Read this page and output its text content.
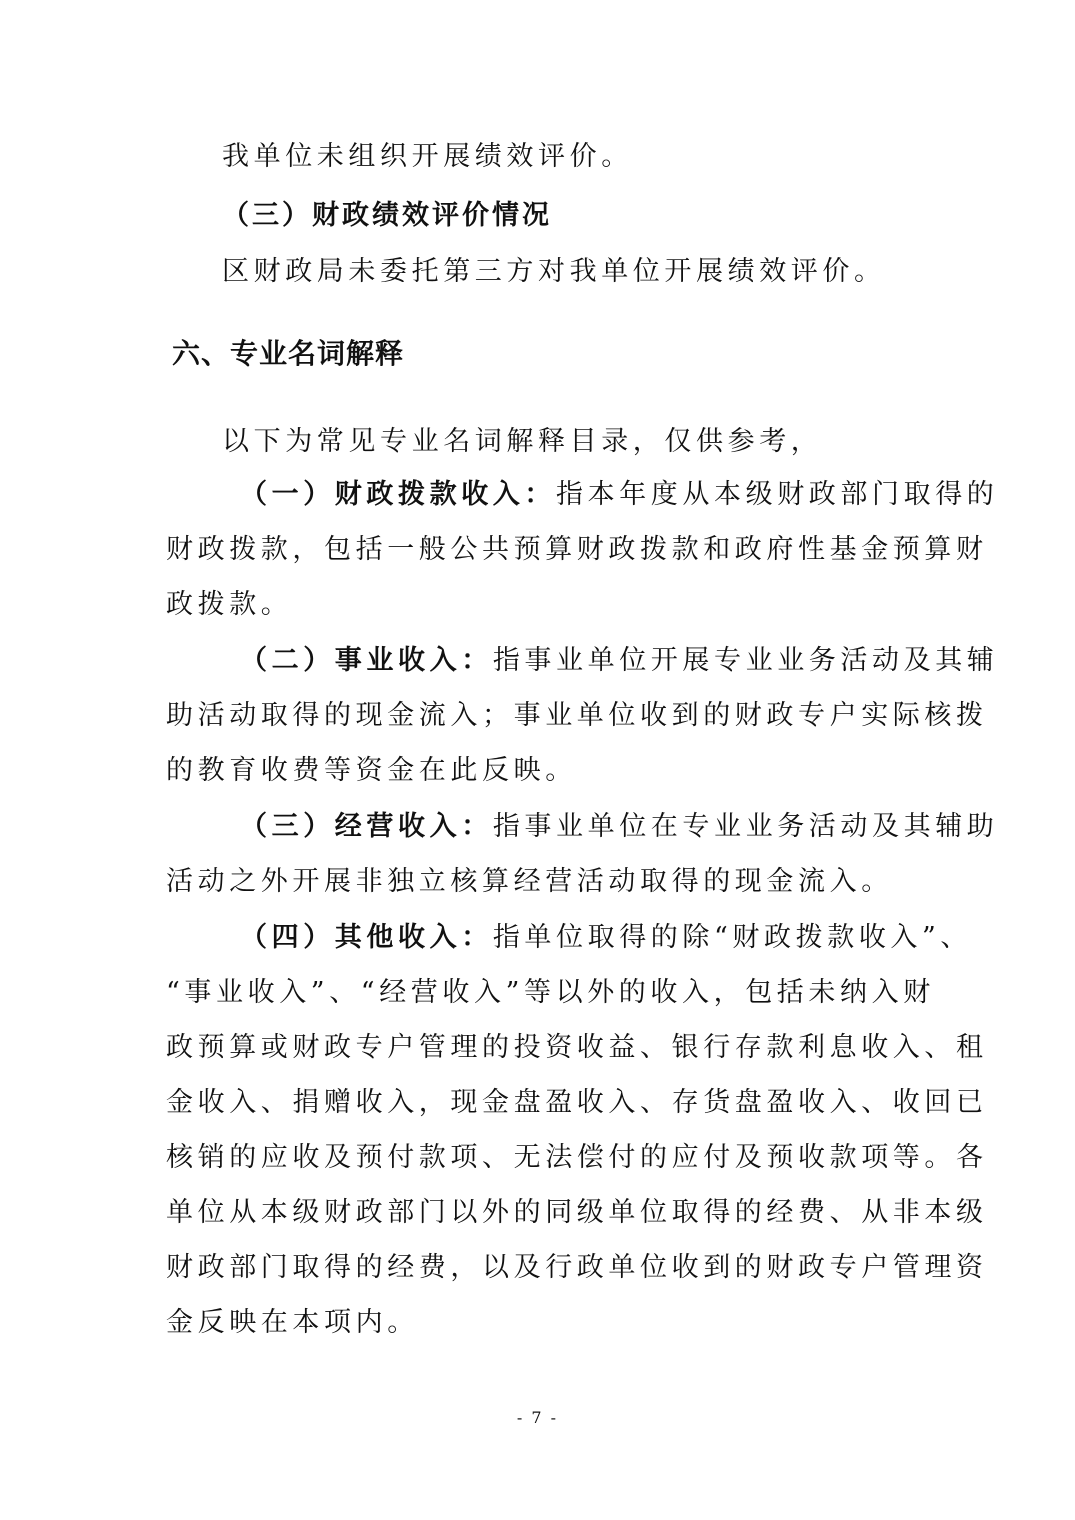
我单位未组织开展绩效评价。
（三）财政绩效评价情况
区财政局未委托第三方对我单位开展绩效评价。
六、专业名词解释
以下为常见专业名词解释目录，仅供参考，
（一）财政拨款收入：指本年度从本级财政部门取得的
财政拨款，包括一般公共预算财政拨款和政府性基金预算财
政拨款。
（二）事业收入：指事业单位开展专业业务活动及其辅
助活动取得的现金流入；事业单位收到的财政专户实际核拨
的教育收费等资金在此反映。
（三）经营收入：指事业单位在专业业务活动及其辅助
活动之外开展非独立核算经营活动取得的现金流入。
（四）其他收入：指单位取得的除“财政拨款收入”、
“事业收入”、“经营收入”等以外的收入，包括未纳入财
政预算或财政专户管理的投资收益、银行存款利息收入、租
金收入、捐赠收入，现金盘盈收入、存货盘盈收入、收回已
核销的应收及预付款项、无法偿付的应付及预收款项等。各
单位从本级财政部门以外的同级单位取得的经费、从非本级
财政部门取得的经费，以及行政单位收到的财政专户管理资
金反映在本项内。
- 7 -
